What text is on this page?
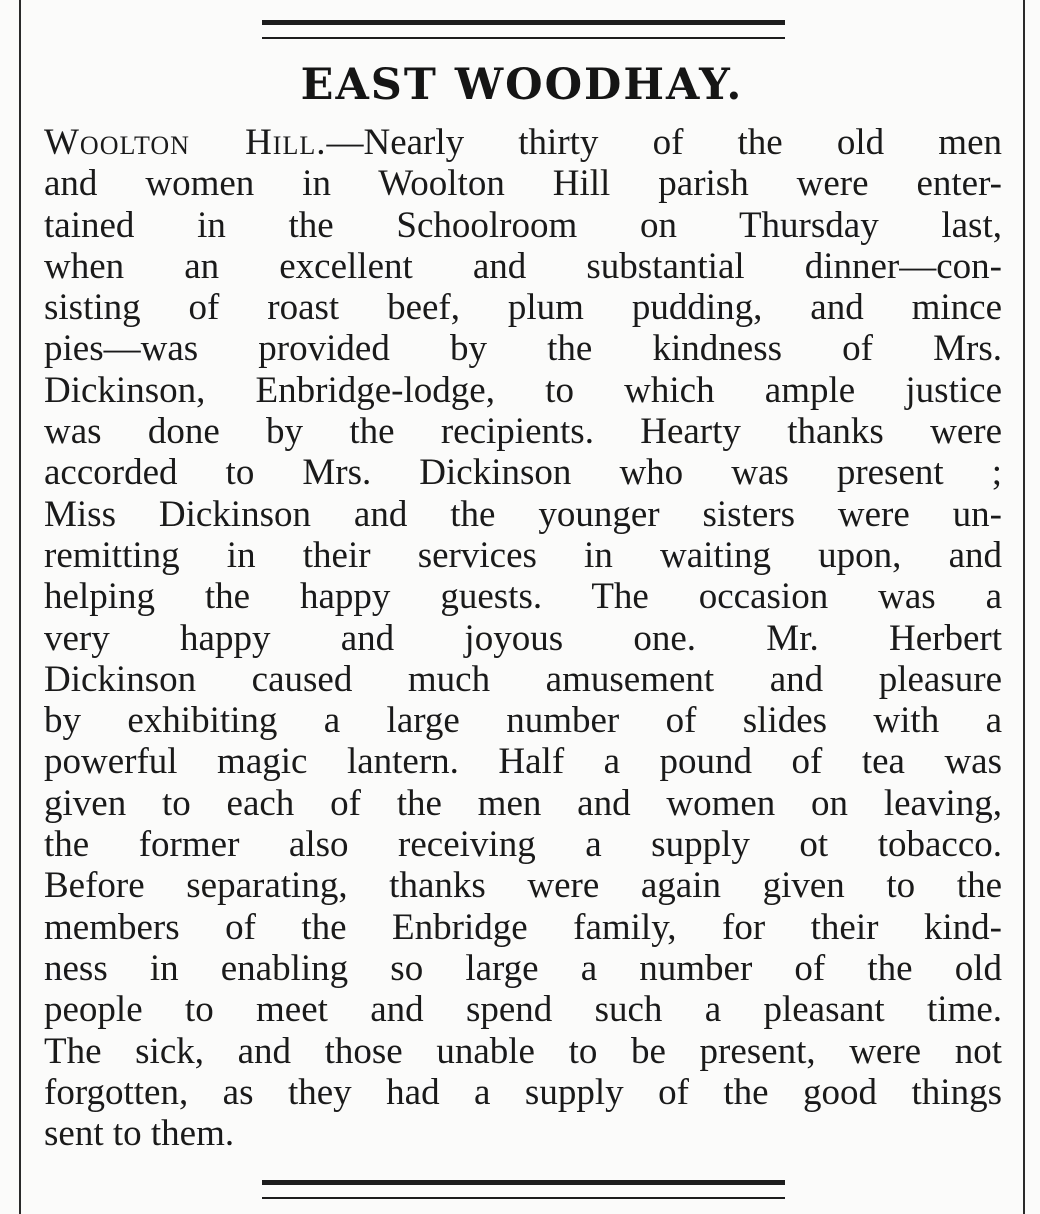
EAST WOODHAY.
Woolton Hill.—Nearly thirty of the old men
and women in Woolton Hill parish were enter-
tained in the Schoolroom on Thursday last,
when an excellent and substantial dinner—con-
sisting of roast beef, plum pudding, and mince
pies—was provided by the kindness of Mrs.
Dickinson, Enbridge-lodge, to which ample justice
was done by the recipients. Hearty thanks were
accorded to Mrs. Dickinson who was present ;
Miss Dickinson and the younger sisters were un-
remitting in their services in waiting upon, and
helping the happy guests. The occasion was a
very happy and joyous one. Mr. Herbert
Dickinson caused much amusement and pleasure
by exhibiting a large number of slides with a
powerful magic lantern. Half a pound of tea was
given to each of the men and women on leaving,
the former also receiving a supply ot tobacco.
Before separating, thanks were again given to the
members of the Enbridge family, for their kind-
ness in enabling so large a number of the old
people to meet and spend such a pleasant time.
The sick, and those unable to be present, were not
forgotten, as they had a supply of the good things
sent to them.
